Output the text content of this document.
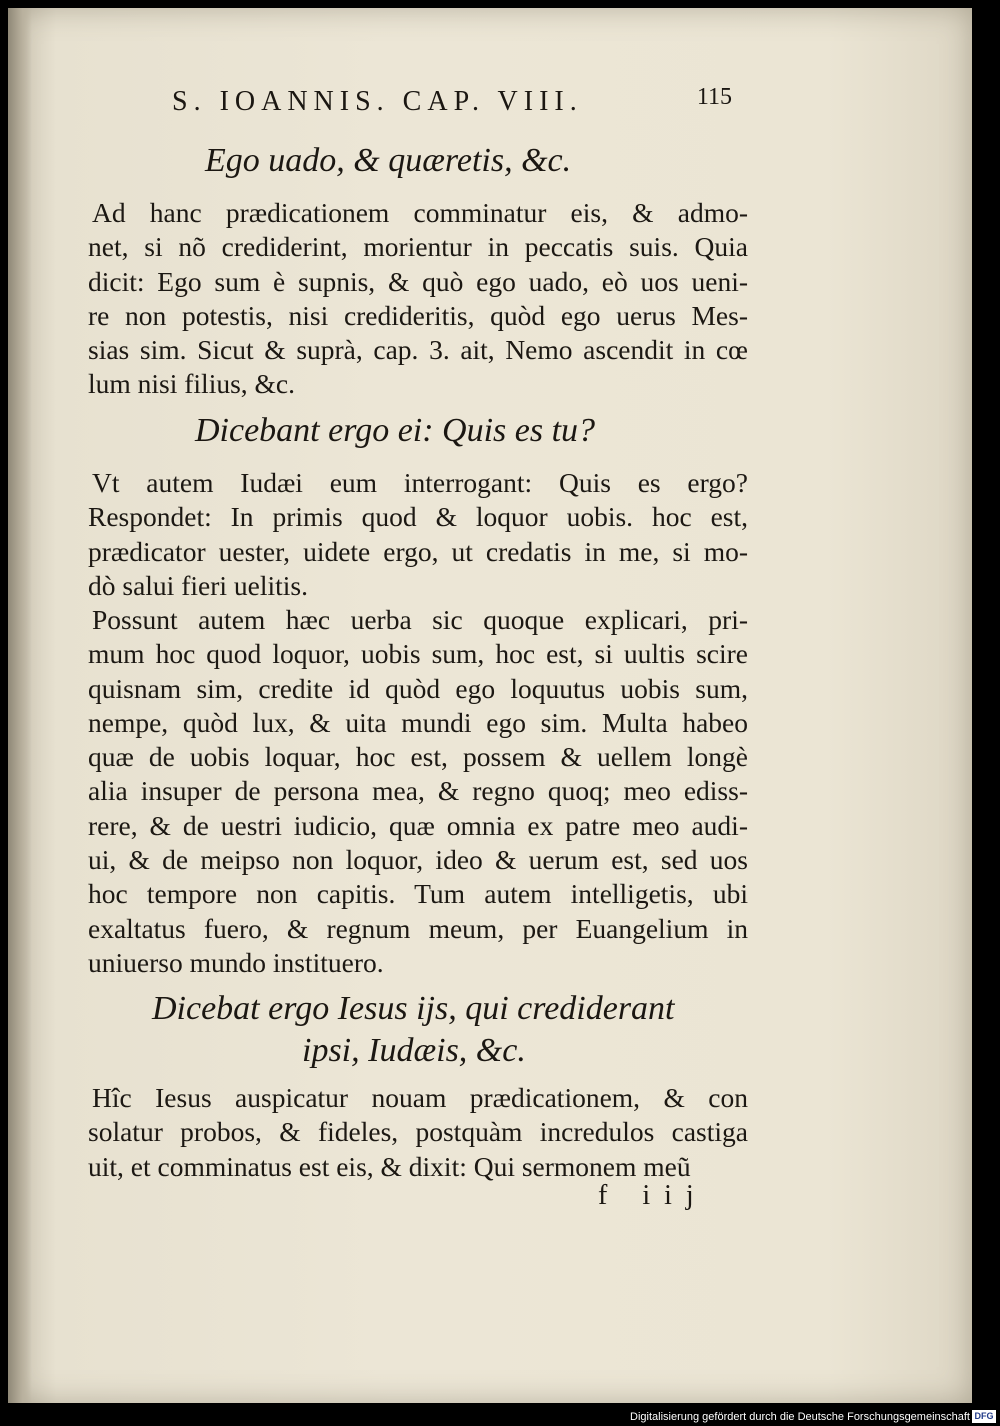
S. IOANNIS. CAP. VIII.	115
Ego uado, & quæretis, &c.
Ad hanc prædicationem comminatur eis, & admo-
net, si nõ crediderint, morientur in peccatis suis. Quia
dicit: Ego sum è supnis, & quò ego uado, eò uos ueni-
re non potestis, nisi credideritis, quòd ego uerus Mes-
sias sim. Sicut & suprà, cap. 3. ait, Nemo ascendit in cœ
lum nisi filius, &c.
Dicebant ergo ei: Quis es tu?
Vt autem Iudæi eum interrogant: Quis es ergo?
Respondet: In primis quod & loquor uobis. hoc est,
prædicator uester, uidete ergo, ut credatis in me, si mo-
dò salui fieri uelitis.
Possunt autem hæc uerba sic quoque explicari, pri-
mum hoc quod loquor, uobis sum, hoc est, si uultis scire
quisnam sim, credite id quòd ego loquutus uobis sum,
nempe, quòd lux, & uita mundi ego sim. Multa habeo
quæ de uobis loquar, hoc est, possem & uellem longè
alia insuper de persona mea, & regno quoq; meo ediss-
rere, & de uestri iudicio, quæ omnia ex patre meo audi-
ui, & de meipso non loquor, ideo & uerum est, sed uos
hoc tempore non capitis. Tum autem intelligetis, ubi
exaltatus fuero, & regnum meum, per Euangelium in
uniuerso mundo instituero.
Dicebat ergo Iesus ijs, qui crediderant
ipsi, Iudæis, &c.
Hîc Iesus auspicatur nouam prædicationem, & con
solatur probos, & fideles, postquàm incredulos castiga
uit, et comminatus est eis, & dixit: Qui sermonem meũ
f iij
Digitalisierung gefördert durch die Deutsche Forschungsgemeinschaft DFG
